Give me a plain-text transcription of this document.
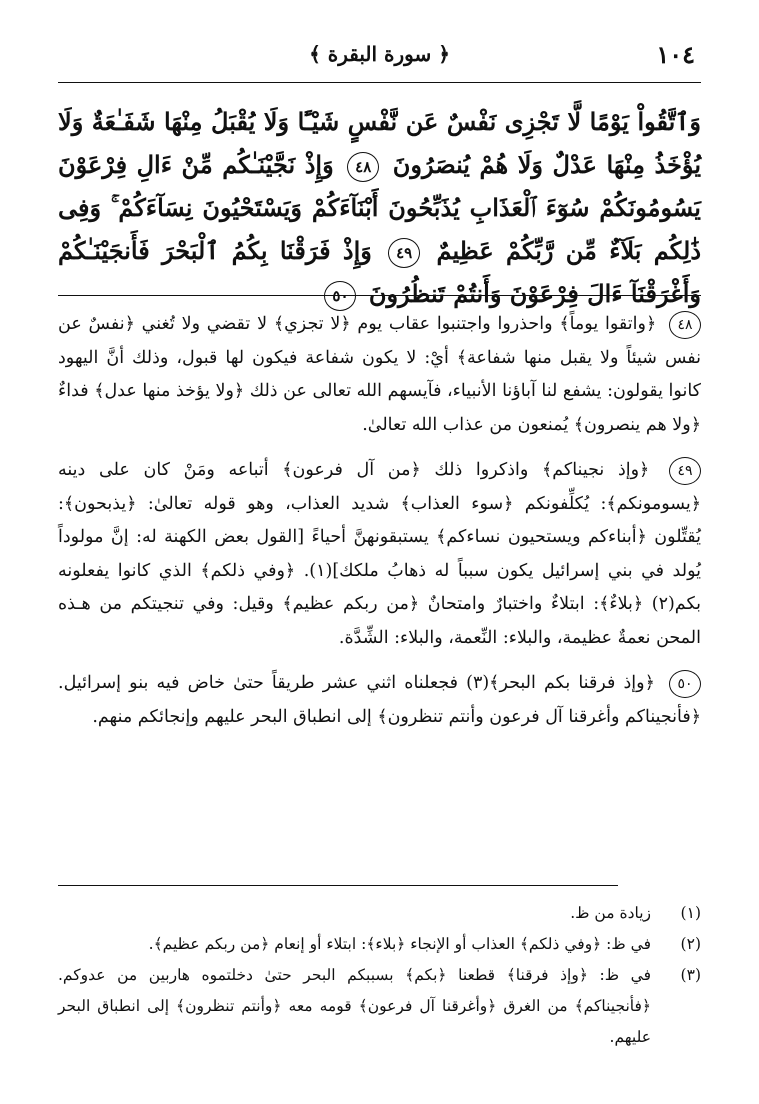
١٠٤
﴿ سورة البقرة ﴾
وَٱتَّقُواْ يَوْمًا لَّا تَجْزِى نَفْسٌ عَن نَّفْسٍ شَيْـًٔا وَلَا يُقْبَلُ مِنْهَا شَفَـٰعَةٌ وَلَا يُؤْخَذُ مِنْهَا عَدْلٌ وَلَا هُمْ يُنصَرُونَ ٤٨ وَإِذْ نَجَّيْنَـٰكُم مِّنْ ءَالِ فِرْعَوْنَ يَسُومُونَكُمْ سُوٓءَ ٱلْعَذَابِ يُذَبِّحُونَ أَبْنَآءَكُمْ وَيَسْتَحْيُونَ نِسَآءَكُمْ ۚ وَفِى ذَٰلِكُم بَلَآءٌ مِّن رَّبِّكُمْ عَظِيمٌ ٤٩ وَإِذْ فَرَقْنَا بِكُمُ ٱلْبَحْرَ فَأَنجَيْنَـٰكُمْ وَأَغْرَقْنَآ ءَالَ فِرْعَوْنَ وَأَنتُمْ تَنظُرُونَ ٥٠

٤٨ ﴿واتقوا يوماً﴾ واحذروا واجتنبوا عقاب يوم ﴿لا تجزي﴾ لا تقضي ولا تُغني ﴿نفسٌ عن نفس شيئاً ولا يقبل منها شفاعة﴾ أيْ: لا يكون شفاعة فيكون لها قبول، وذلك أنَّ اليهود كانوا يقولون: يشفع لنا آباؤنا الأنبياء، فآيسهم الله تعالى عن ذلك ﴿ولا يؤخذ منها عدل﴾ فداءٌ ﴿ولا هم ينصرون﴾ يُمنعون من عذاب الله تعالىٰ.

٤٩ ﴿وإذ نجيناكم﴾ واذكروا ذلك ﴿من آل فرعون﴾ أتباعه ومَنْ كان على دينه ﴿يسومونكم﴾: يُكلِّفونكم ﴿سوء العذاب﴾ شديد العذاب، وهو قوله تعالىٰ: ﴿يذبحون﴾: يُقتِّلون ﴿أبناءكم ويستحيون نساءكم﴾ يستبقونهنَّ أحياءً [القول بعض الكهنة له: إنَّ مولوداً يُولد في بني إسرائيل يكون سبباً له ذهابُ ملكك](١). ﴿وفي ذلكم﴾ الذي كانوا يفعلونه بكم(٢) ﴿بلاءٌ﴾: ابتلاءٌ واختبارٌ وامتحانٌ ﴿من ربكم عظيم﴾ وقيل: وفي تنجيتكم من هـذه المحن نعمةٌ عظيمة، والبلاء: النِّعمة، والبلاء: الشِّدَّة.

٥٠ ﴿وإذ فرقنا بكم البحر﴾(٣) فجعلناه اثني عشر طريقاً حتىٰ خاض فيه بنو إسرائيل. ﴿فأنجيناكم وأغرقنا آل فرعون وأنتم تنظرون﴾ إلى انطباق البحر عليهم وإنجائكم منهم.

(١)
زيادة من ظ.
(٢)
في ظ: ﴿وفي ذلكم﴾ العذاب أو الإنجاء ﴿بلاء﴾: ابتلاء أو إنعام ﴿من ربكم عظيم﴾.
(٣)
في ظ: ﴿وإذ فرقنا﴾ قطعنا ﴿بكم﴾ بسببكم البحر حتىٰ دخلتموه هاربين من عدوكم. ﴿فأنجيناكم﴾ من الغرق ﴿وأغرقنا آل فرعون﴾ قومه معه ﴿وأنتم تنظرون﴾ إلى انطباق البحر عليهم.
